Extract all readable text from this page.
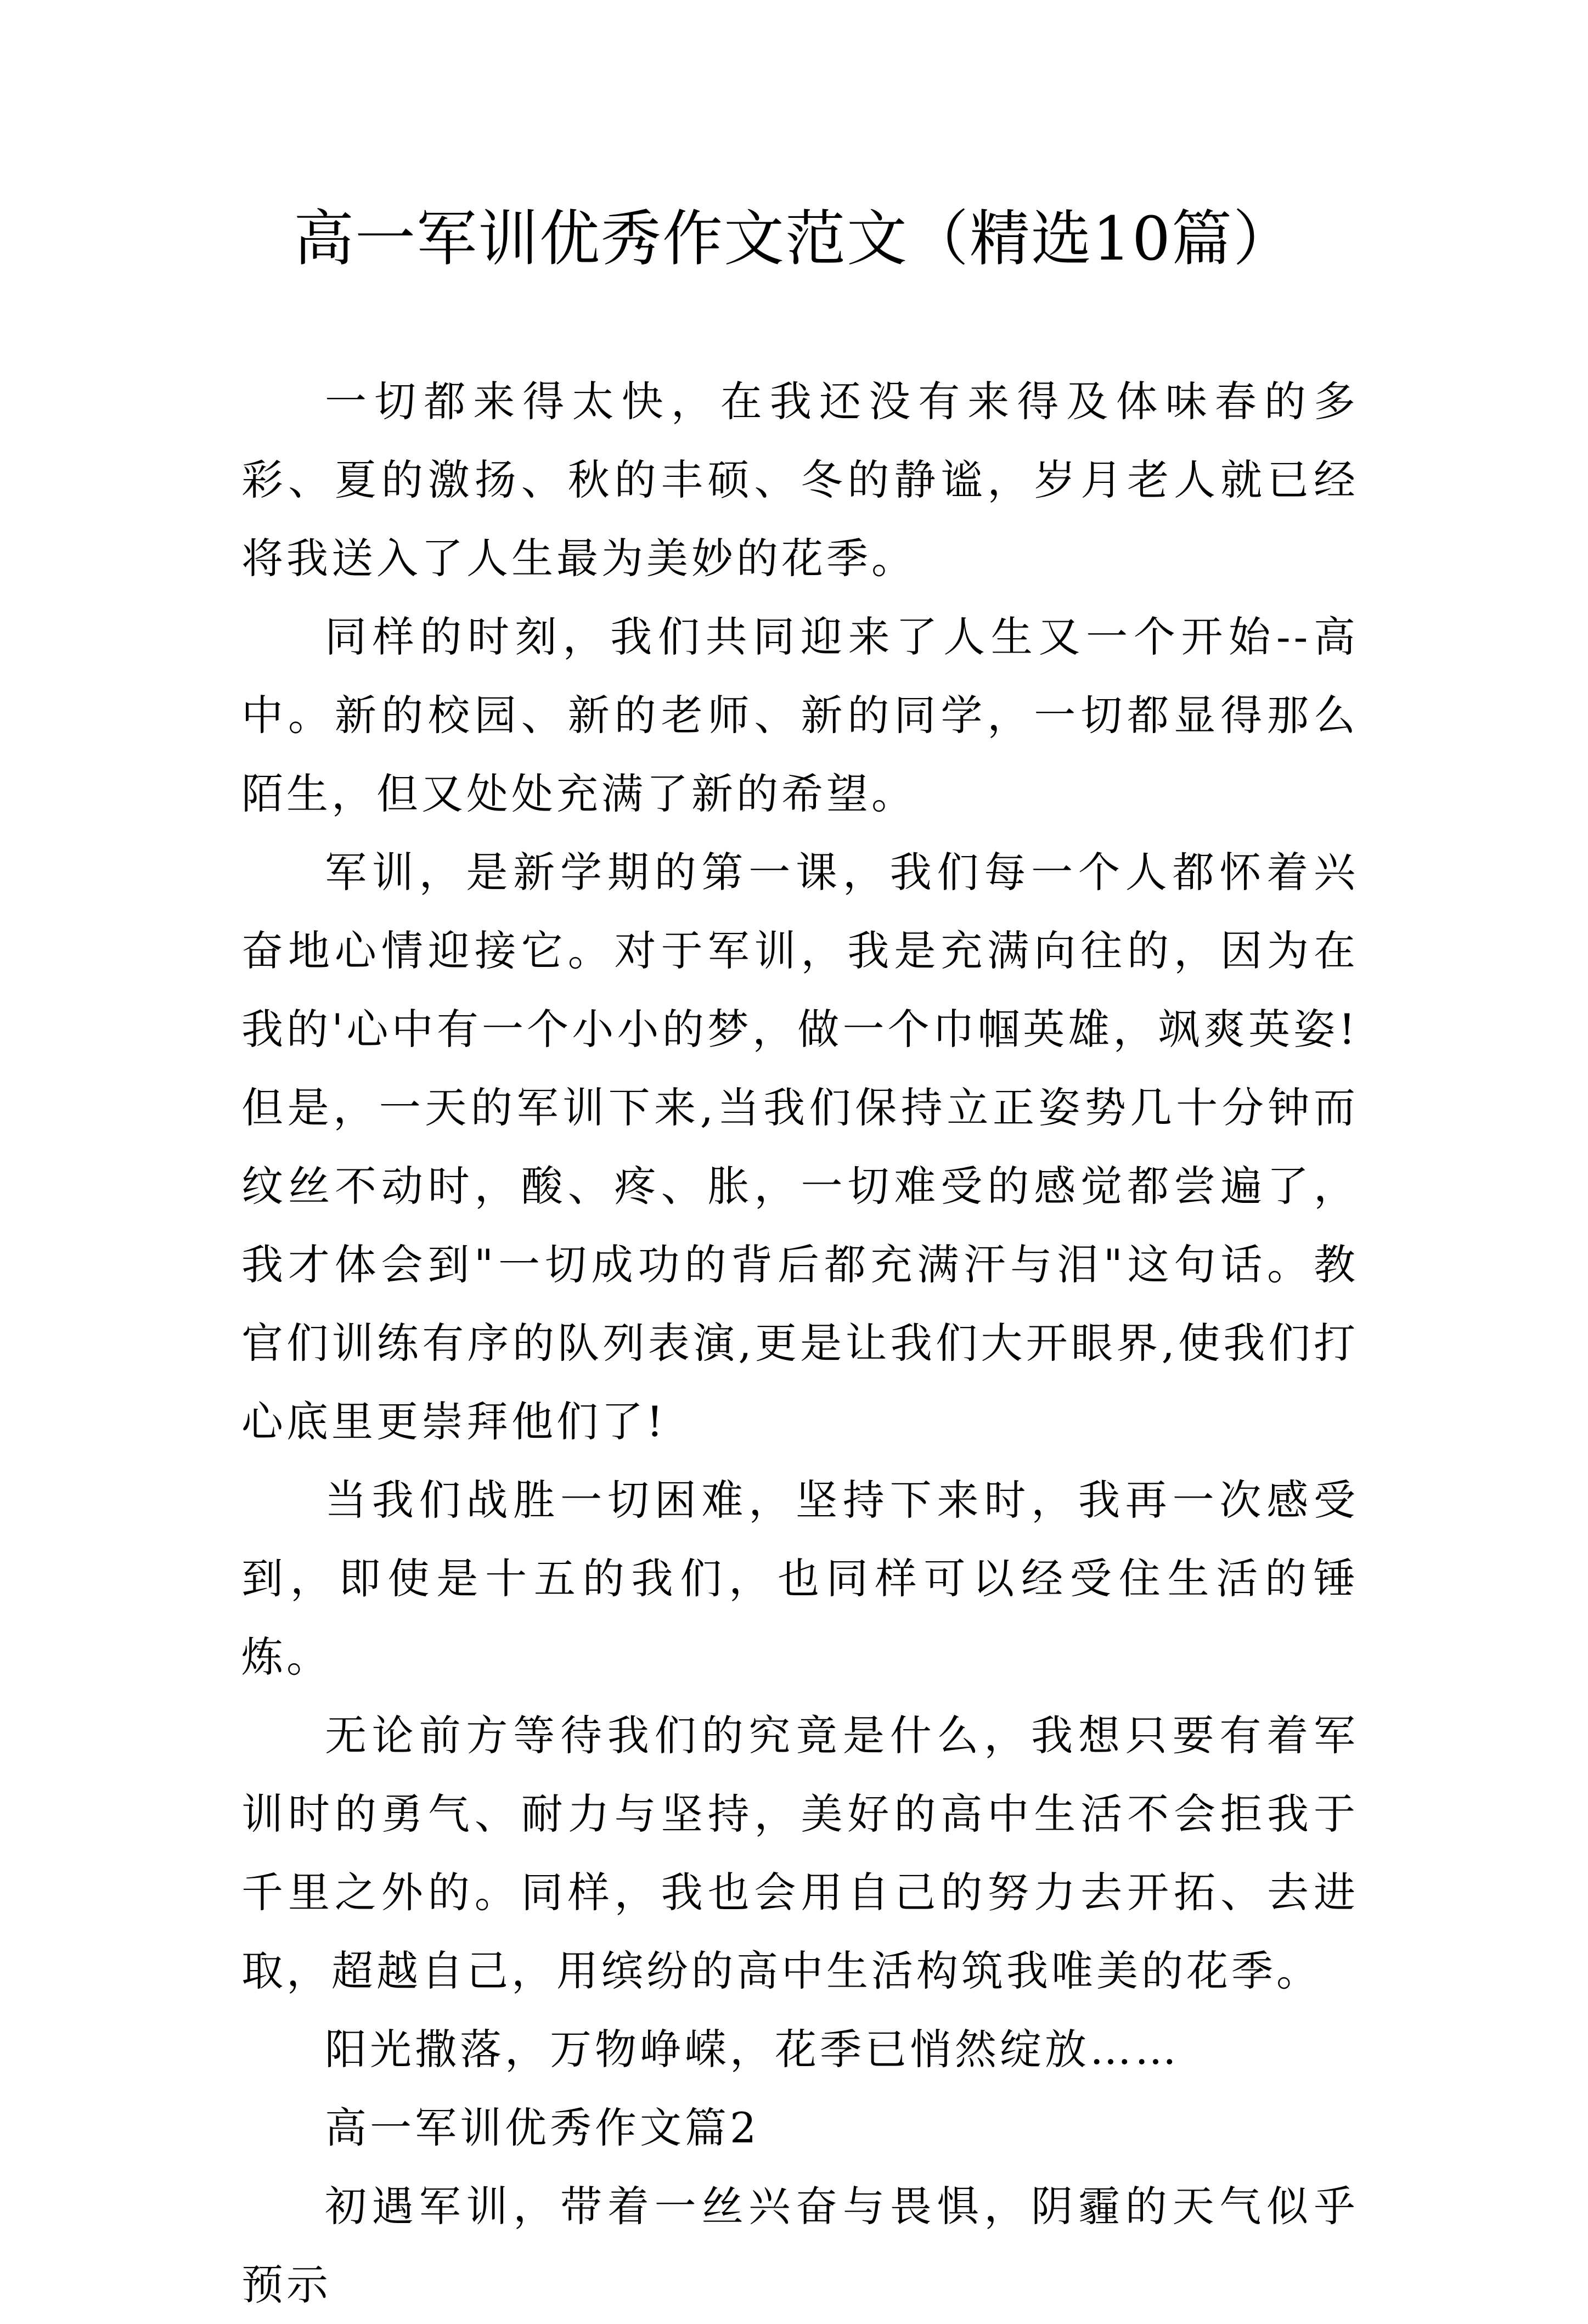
高一军训优秀作文范文（精选10篇）

一切都来得太快，在我还没有来得及体味春的多彩、夏的激扬、秋的丰硕、冬的静谧，岁月老人就已经将我送入了人生最为美妙的花季。

同样的时刻，我们共同迎来了人生又一个开始--高中。新的校园、新的老师、新的同学，一切都显得那么陌生，但又处处充满了新的希望。

军训，是新学期的第一课，我们每一个人都怀着兴奋地心情迎接它。对于军训，我是充满向往的，因为在我的'心中有一个小小的梦，做一个巾帼英雄，飒爽英姿!但是，一天的军训下来,当我们保持立正姿势几十分钟而纹丝不动时，酸、疼、胀，一切难受的感觉都尝遍了，我才体会到"一切成功的背后都充满汗与泪"这句话。教官们训练有序的队列表演,更是让我们大开眼界,使我们打心底里更崇拜他们了!

当我们战胜一切困难，坚持下来时，我再一次感受到，即使是十五的我们，也同样可以经受住生活的锤炼。

无论前方等待我们的究竟是什么，我想只要有着军训时的勇气、耐力与坚持，美好的高中生活不会拒我于千里之外的。同样，我也会用自己的努力去开拓、去进取，超越自己，用缤纷的高中生活构筑我唯美的花季。

阳光撒落，万物峥嵘，花季已悄然绽放……

高一军训优秀作文篇2

初遇军训，带着一丝兴奋与畏惧，阴霾的天气似乎预示
